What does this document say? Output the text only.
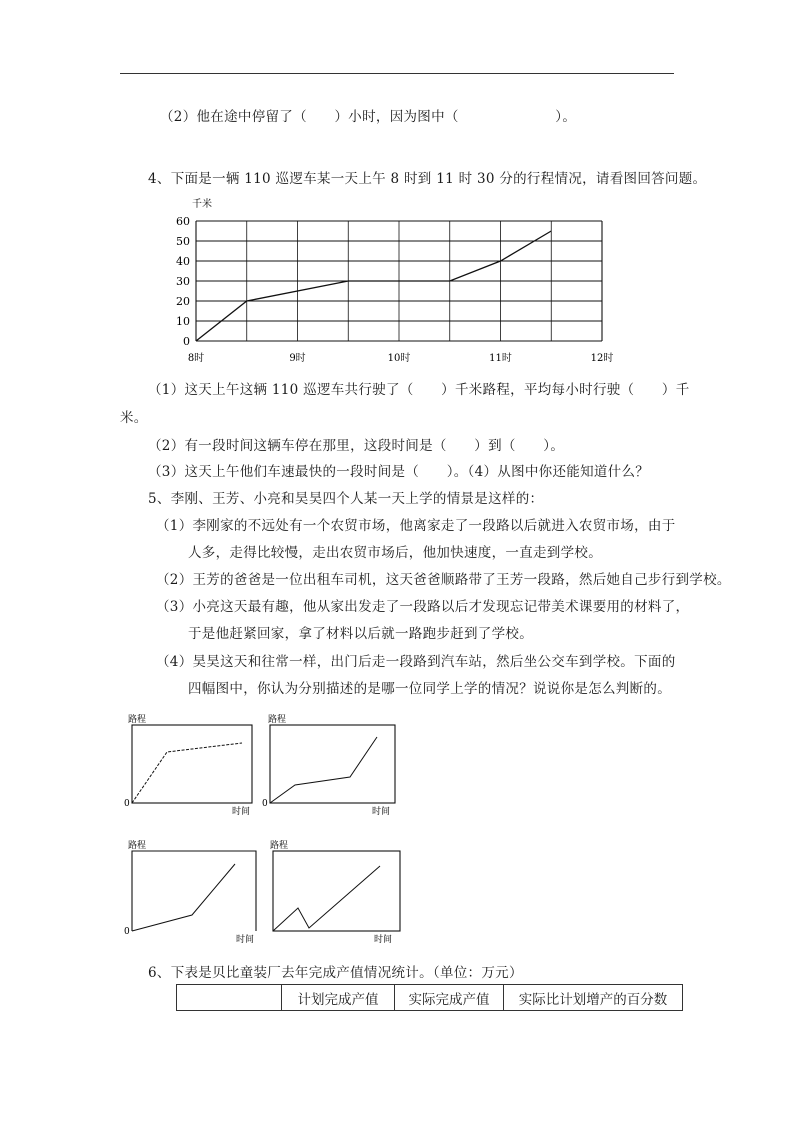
（2）他在途中停留了（　　）小时，因为图中（　　　　　　　）。
4、下面是一辆 110 巡逻车某一天上午 8 时到 11 时 30 分的行程情况，请看图回答问题。
千米
0
10
20
30
40
50
60
8时	9时	10时	11时	12时
（1）这天上午这辆 110 巡逻车共行驶了（　　）千米路程，平均每小时行驶（　　）千
米。
（2）有一段时间这辆车停在那里，这段时间是（　　）到（　　）。
（3）这天上午他们车速最快的一段时间是（　　）。（4）从图中你还能知道什么？
5、李刚、王芳、小亮和昊昊四个人某一天上学的情景是这样的：
（1）李刚家的不远处有一个农贸市场，他离家走了一段路以后就进入农贸市场，由于
人多，走得比较慢，走出农贸市场后，他加快速度，一直走到学校。
（2）王芳的爸爸是一位出租车司机，这天爸爸顺路带了王芳一段路，然后她自己步行到学校。
（3）小亮这天最有趣，他从家出发走了一段路以后才发现忘记带美术课要用的材料了，
于是他赶紧回家，拿了材料以后就一路跑步赶到了学校。
（4）昊昊这天和往常一样，出门后走一段路到汽车站，然后坐公交车到学校。下面的
四幅图中，你认为分别描述的是哪一位同学上学的情况？说说你是怎么判断的。
路程
0
时间
路程
0
时间
路程
0
时间
路程
时间
6、下表是贝比童装厂去年完成产值情况统计。（单位：万元）
	计划完成产值	实际完成产值	实际比计划增产的百分数
